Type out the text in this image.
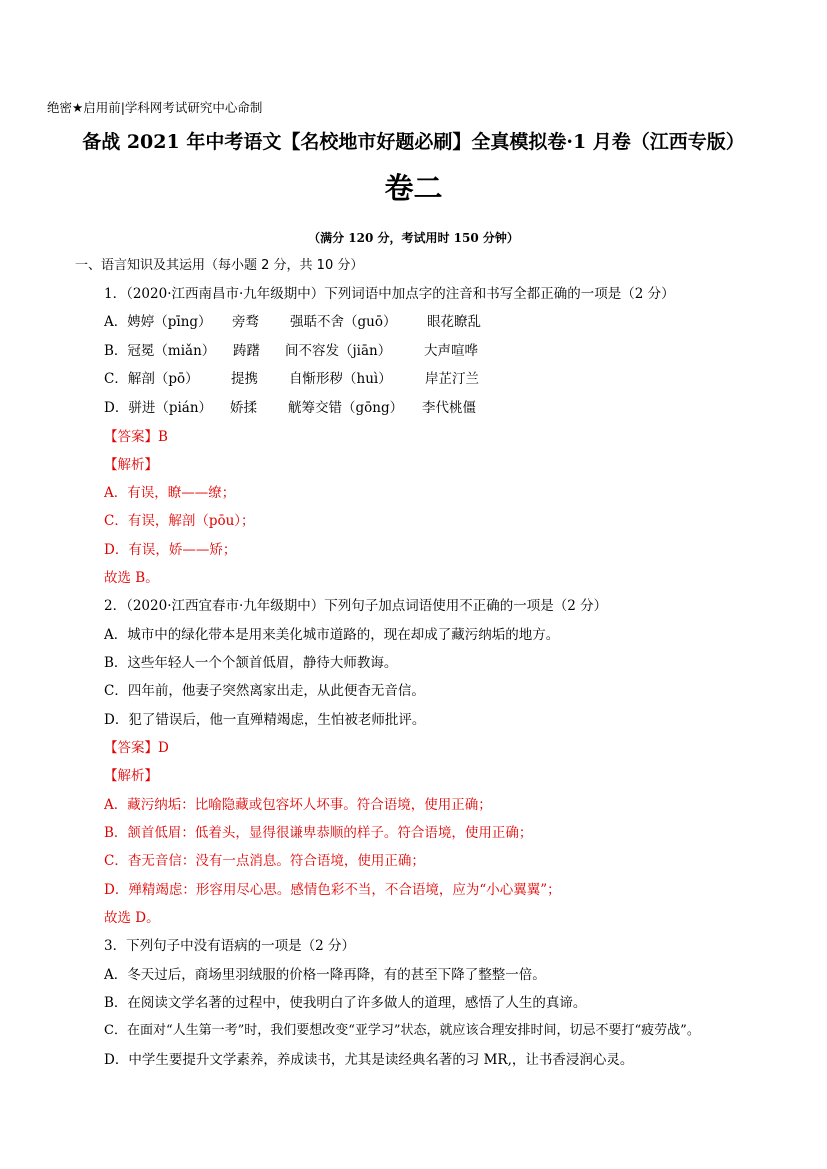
绝密★启用前|学科网考试研究中心命制
备战 2021 年中考语文【名校地市好题必刷】全真模拟卷·1 月卷（江西专版）
卷二
（满分 120 分，考试用时 150 分钟）
一、语言知识及其运用（每小题 2 分，共 10 分）
1．（2020·江西南昌市·九年级期中）下列词语中加点字的注音和书写全都正确的一项是（2 分）
A．娉婷（pīng） 旁骛 强聒不舍（guō） 眼花瞭乱
B．冠冕（miǎn） 踌躇 间不容发（jiān） 大声喧哗
C．解剖（pō） 提携 自惭形秽（huì） 岸芷汀兰
D．骈进（pián） 娇揉 觥筹交错（gōng） 李代桃僵
【答案】B
【解析】
A．有误，瞭——缭；
C．有误，解剖（pōu）；
D．有误，娇——矫；
故选 B。
2．（2020·江西宜春市·九年级期中）下列句子加点词语使用不正确的一项是（2 分）
A．城市中的绿化带本是用来美化城市道路的，现在却成了藏污纳垢的地方。
B．这些年轻人一个个颔首低眉，静待大师教诲。
C．四年前，他妻子突然离家出走，从此便杳无音信。
D．犯了错误后，他一直殚精竭虑，生怕被老师批评。
【答案】D
【解析】
A．藏污纳垢：比喻隐藏或包容坏人坏事。符合语境，使用正确；
B．颔首低眉：低着头，显得很谦卑恭顺的样子。符合语境，使用正确；
C．杳无音信：没有一点消息。符合语境，使用正确；
D．殚精竭虑：形容用尽心思。感情色彩不当，不合语境，应为“小心翼翼”；
故选 D。
3．下列句子中没有语病的一项是（2 分）
A．冬天过后，商场里羽绒服的价格一降再降，有的甚至下降了整整一倍。
B．在阅读文学名著的过程中，使我明白了许多做人的道理，感悟了人生的真谛。
C．在面对“人生第一考”时，我们要想改变“亚学习”状态，就应该合理安排时间，切忌不要打“疲劳战”。
D．中学生要提升文学素养，养成读书，尤其是读经典名著的习 MR,，让书香浸润心灵。
